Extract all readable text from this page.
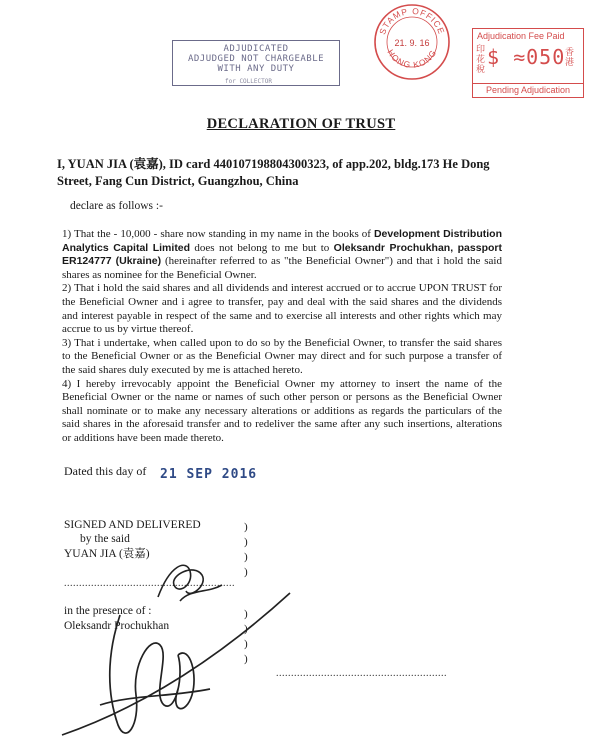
ADJUDICATED
ADJUDGED NOT CHARGEABLE
WITH ANY DUTY
for COLLECTOR
STAMP OFFICE
HONG KONG
21. 9. 16
Adjudication Fee Paid
印花稅 $ ≈050 香港
Pending Adjudication
DECLARATION OF TRUST
I, YUAN JIA (袁嘉), ID card 440107198804300323, of app.202, bldg.173 He Dong Street, Fang Cun District, Guangzhou, China
declare as follows :-

1) That the - 10,000 - share now standing in my name in the books of Development Distribution Analytics Capital Limited does not belong to me but to Oleksandr Prochukhan, passport ER124777 (Ukraine) (hereinafter referred to as "the Beneficial Owner") and that i hold the said shares as nominee for the Beneficial Owner.

2) That i hold the said shares and all dividends and interest accrued or to accrue UPON TRUST for the Beneficial Owner and i agree to transfer, pay and deal with the said shares and the dividends and interest payable in respect of the same and to exercise all interests and other rights which may accrue to us by virtue thereof.

3) That i undertake, when called upon to do so by the Beneficial Owner, to transfer the said shares to the Beneficial Owner or as the Beneficial Owner may direct and for such purpose a transfer of the said shares duly executed by me is attached hereto.

4) I hereby irrevocably appoint the Beneficial Owner my attorney to insert the name of the Beneficial Owner or the name or names of such other person or persons as the Beneficial Owner shall nominate or to make any necessary alterations or additions as regards the particulars of the said shares in the aforesaid transfer and to redeliver the same after any such insertions, alterations or additions have been made thereto.

Dated this day of 21 SEP 2016
SIGNED AND DELIVERED
by the said
YUAN JIA (袁嘉)
)
)
)
)
.........................................................
in the presence of :
Oleksandr Prochukhan
)
)
)
)
.........................................................
